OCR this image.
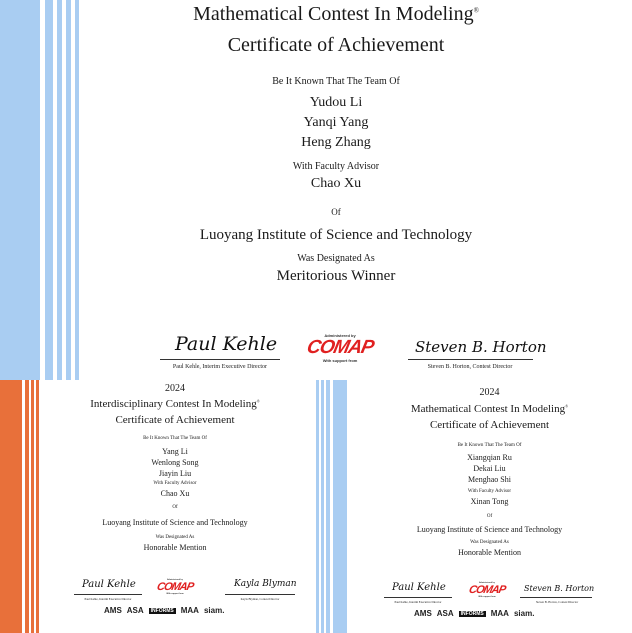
Mathematical Contest In Modeling®
Certificate of Achievement
Be It Known That The Team Of
Yudou Li
Yanqi Yang
Heng Zhang
With Faculty Advisor
Chao Xu
Of
Luoyang Institute of Science and Technology
Was Designated As
Meritorious Winner
Paul Kehle
Paul Kehle, Interim Executive Director
Administered by
COMAP
With support from
Steven B. Horton
Steven B. Horton, Contest Director
2024
Interdisciplinary Contest In Modeling®
Certificate of Achievement
Be It Known That The Team Of
Yang Li
Wenlong Song
Jiayin Liu
With Faculty Advisor
Chao Xu
Of
Luoyang Institute of Science and Technology
Was Designated As
Honorable Mention
Paul Kehle
Paul Kehle, Interim Executive Director
Administered by
COMAP
With support from
Kayla Blyman
Kayla Blyman, Contest Director
AMS ASA	INFORMS MAA siam.
2024
Mathematical Contest In Modeling®
Certificate of Achievement
Be It Known That The Team Of
Xiangqian Ru
Dekai Liu
Menghao Shi
With Faculty Advisor
Xinan Tong
Of
Luoyang Institute of Science and Technology
Was Designated As
Honorable Mention
Paul Kehle
Paul Kehle, Interim Executive Director
Administered by
COMAP
With support from
Steven B. Horton
Steven B. Horton, Contest Director
AMS ASA	INFORMS MAA siam.
